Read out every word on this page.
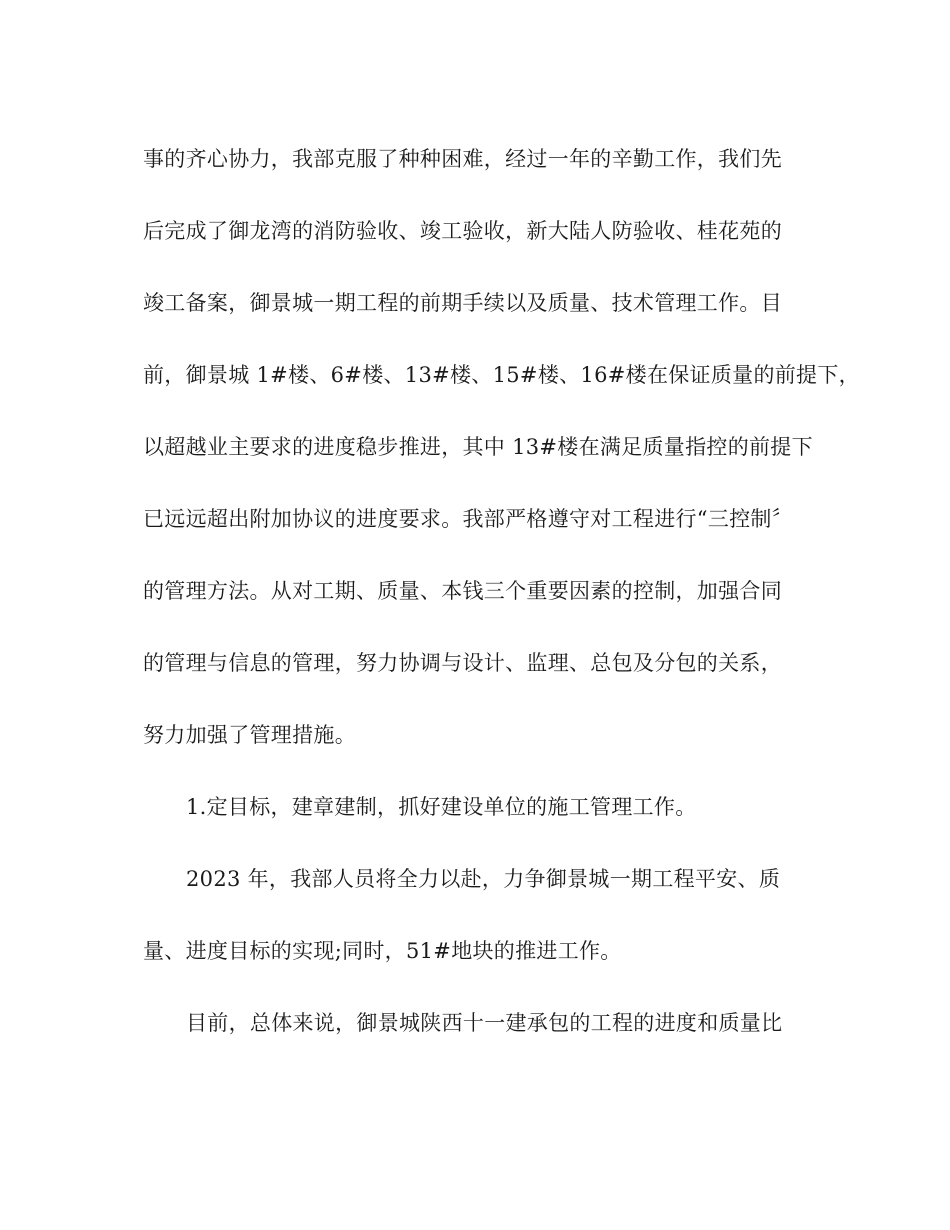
事的齐心协力，我部克服了种种困难，经过一年的辛勤工作，我们先
后完成了御龙湾的消防验收、竣工验收，新大陆人防验收、桂花苑的
竣工备案，御景城一期工程的前期手续以及质量、技术管理工作。目
前，御景城 1#楼、6#楼、13#楼、15#楼、16#楼在保证质量的前提下，
以超越业主要求的进度稳步推进，其中 13#楼在满足质量指控的前提下
已远远超出附加协议的进度要求。我部严格遵守对工程进行“三控制〞
的管理方法。从对工期、质量、本钱三个重要因素的控制，加强合同
的管理与信息的管理，努力协调与设计、监理、总包及分包的关系，
努力加强了管理措施。
1.定目标，建章建制，抓好建设单位的施工管理工作。
2023 年，我部人员将全力以赴，力争御景城一期工程平安、质
量、进度目标的实现;同时，51#地块的推进工作。
目前，总体来说，御景城陕西十一建承包的工程的进度和质量比
